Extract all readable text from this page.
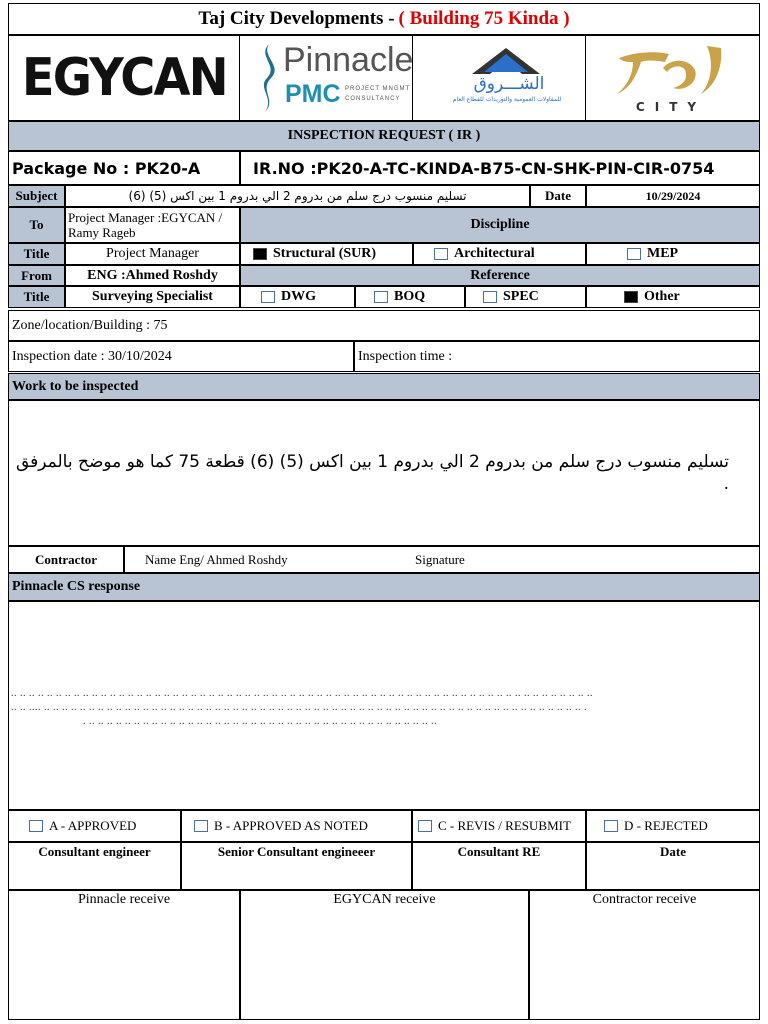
Taj City Developments - ( Building 75 Kinda )
EGYCAN Pinnacle
PMC PROJECT MNGMT
CONSULTANCY
الشـــروق
للمقاولات العمومية والتوريدات للقطاع العام
CITY
INSPECTION REQUEST ( IR )
Package No : PK20-A	IR.NO :PK20-A-TC-KINDA-B75-CN-SHK-PIN-CIR-0754
Subject	تسليم منسوب درج سلم من بدروم 2 الي بدروم 1 بين اكس (5) (6)	Date	10/29/2024
To	Project Manager :EGYCAN / Ramy Rageb
Discipline
Title	Project Manager	Structural (SUR)	Architectural	MEP
From	ENG :Ahmed Roshdy	Reference
Title	Surveying Specialist	DWG	BOQ	SPEC	Other
Zone/location/Building : 75
Inspection date : 30/10/2024	Inspection time :
Work to be inspected
تسليم منسوب درج سلم من بدروم 2 الي بدروم 1 بين اكس (5) (6) قطعة 75 كما هو موضح بالمرفق .
Contractor	Name Eng/ Ahmed Roshdy	Signature
Pinnacle CS response
.. .. .. .. .. .. .. .. .. .. .. .. .. .. .. .. .. .. .. .. .. .. .. .. .. .. .. .. .. .. .. .. .. .. .. .. .. .. .. .. .. .. .. .. .. .. .. .. .. .. .. .. .. .. .. .. .. .. .. .. .. .. .. .. ..
.. .. .... .. .. .. .. .. .. .. .. .. .. .. .. .. .. .. .. .. .. .. .. .. .. .. .. .. .. .. .. .. .. .. .. .. .. .. .. .. .. .. .. .. .. .. .. .. .. .. .. .. .. .. .. .. .. .. .. .. .. .. .. .
. .. .. .. .. .. .. .. .. .. .. .. .. .. .. .. .. .. .. .. .. .. .. .. .. .. .. .. .. .. .. .. .. .. .. .. .. .. .. ..
A - APPROVED	B - APPROVED AS NOTED	C - REVIS / RESUBMIT	D - REJECTED
Consultant engineer	Senior Consultant engineeer	Consultant RE	Date
Pinnacle receive	EGYCAN receive	Contractor receive
